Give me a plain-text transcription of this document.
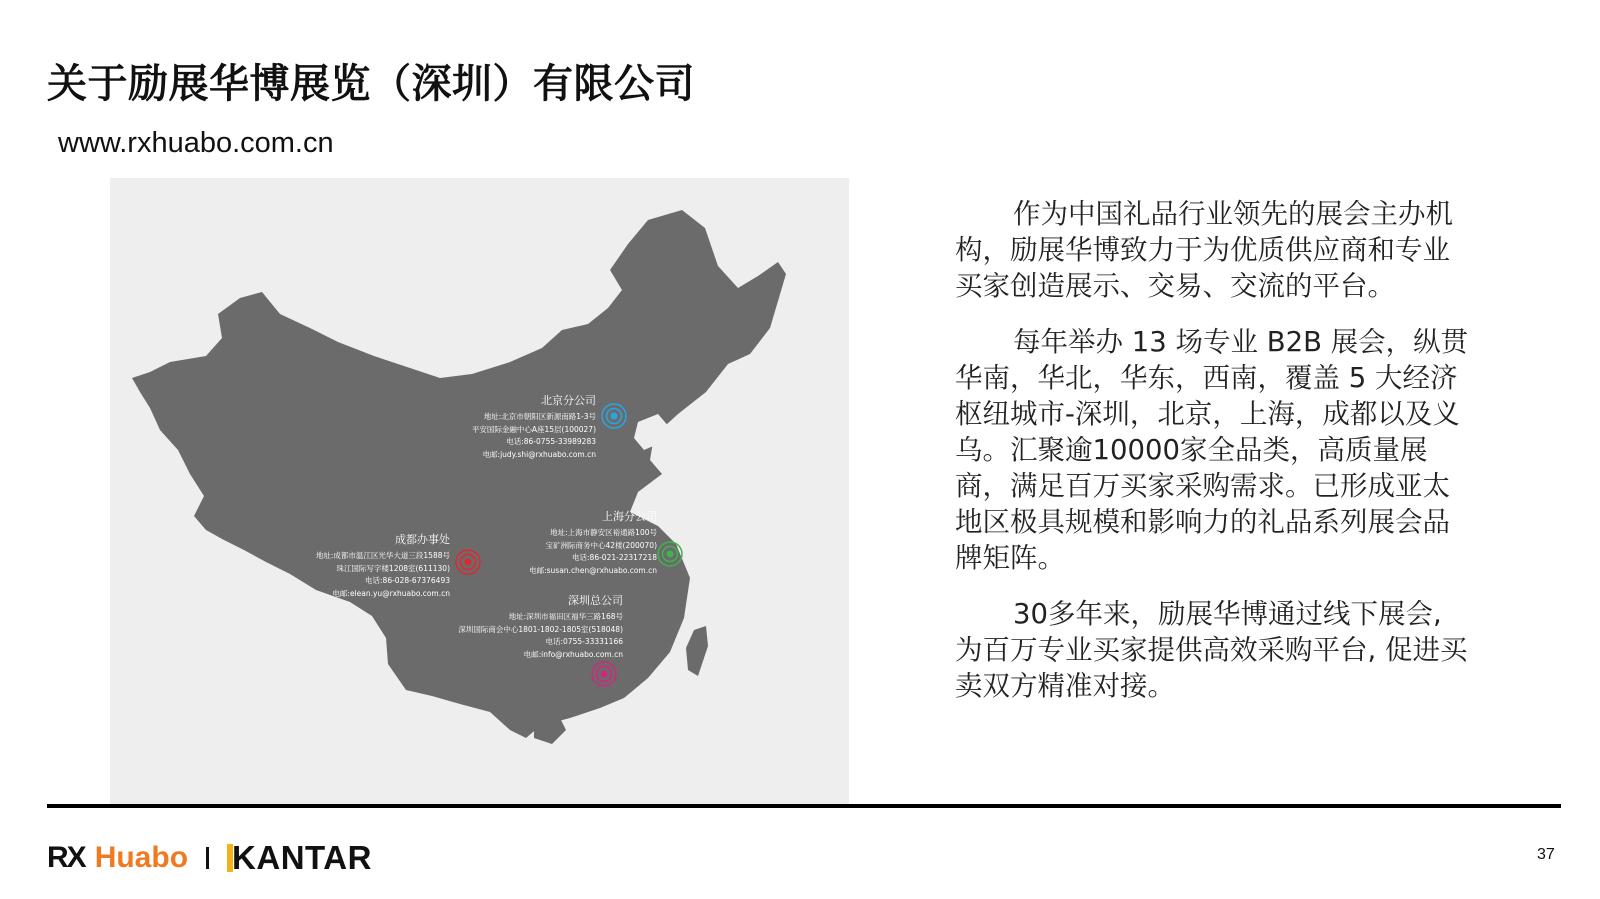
关于励展华博展览（深圳）有限公司
www.rxhuabo.com.cn
北京分公司
地址:北京市朝阳区新源南路1-3号
平安国际金融中心A座15层(100027)
电话:86-0755-33989283
电邮:judy.shi@rxhuabo.com.cn
上海分公司
地址:上海市静安区裕通路100号
宝矿洲际商务中心42楼(200070)
电话:86-021-22317218
电邮:susan.chen@rxhuabo.com.cn
成都办事处
地址:成都市温江区光华大道三段1588号
珠江国际写字楼1208室(611130)
电话:86-028-67376493
电邮:elean.yu@rxhuabo.com.cn
深圳总公司
地址:深圳市福田区福华三路168号
深圳国际商会中心1801-1802-1805室(518048)
电话:0755-33331166
电邮:info@rxhuabo.com.cn

作为中国礼品行业领先的展会主办机构，励展华博致力于为优质供应商和专业买家创造展示、交易、交流的平台。

每年举办 13 场专业 B2B 展会，纵贯华南，华北，华东，西南，覆盖 5 大经济枢纽城市-深圳，北京，上海，成都以及义乌。汇聚逾10000家全品类，高质量展商，满足百万买家采购需求。已形成亚太地区极具规模和影响力的礼品系列展会品牌矩阵。

30多年来，励展华博通过线下展会, 为百万专业买家提供高效采购平台, 促进买卖双方精准对接。

RX Huabo KANTAR	37
